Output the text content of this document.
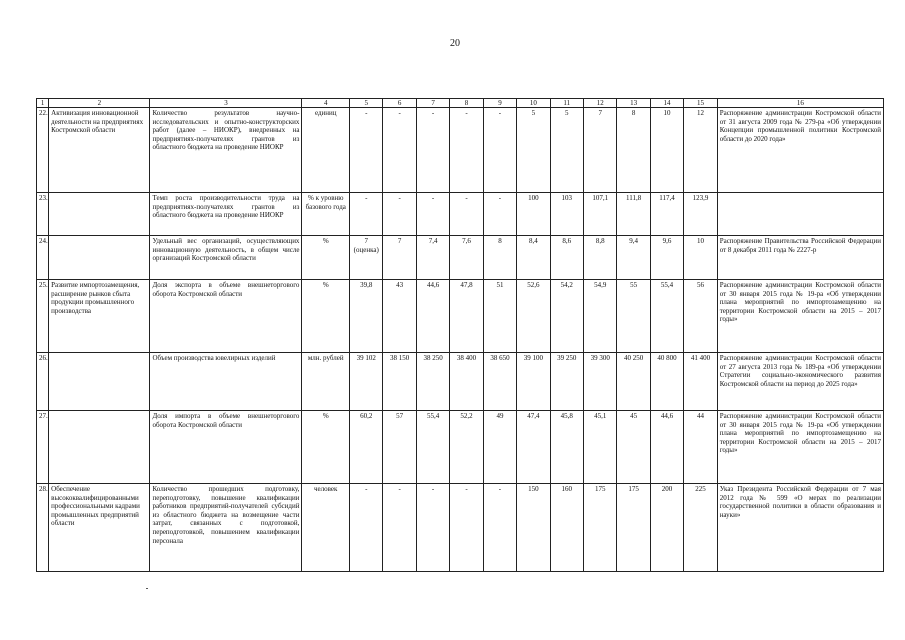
20
1	2	3	4	5	6	7	8	9	10	11	12	13	14	15	16
22.	Активизация инновационной деятельности на предприятиях Костромской области	Количество результатов научно-исследовательских и опытно-конструкторских работ (далее – НИОКР), внедренных на предприятиях-получателях грантов из областного бюджета на проведение НИОКР	единиц	-	-	-	-	-	5	5	7	8	10	12	Распоряжение администрации Костромской области от 31 августа 2009 года № 279-ра «Об утверждении Концепции промышленной политики Костромской области до 2020 года»
23.		Темп роста производительности труда на предприятиях-получателях грантов из областного бюджета на проведение НИОКР	% к уровню базового года	-	-	-	-	-	100	103	107,1	111,8	117,4	123,9	
24.		Удельный вес организаций, осуществляющих инновационную деятельность, в общем числе организаций Костромской области	%	7 (оценка)	7	7,4	7,6	8	8,4	8,6	8,8	9,4	9,6	10	Распоряжение Правительства Российской Федерации от 8 декабря 2011 года № 2227-р
25.	Развитие импортозамещения, расширение рынков сбыта продукции промышленного производства	Доля экспорта в объеме внешнеторгового оборота Костромской области	%	39,8	43	44,6	47,8	51	52,6	54,2	54,9	55	55,4	56	Распоряжение администрации Костромской области от 30 января 2015 года № 19-ра «Об утверждении плана мероприятий по импортозамещению на территории Костромской области на 2015 – 2017 годы»
26.		Объем производства ювелирных изделий	млн. рублей	39 102	38 150	38 250	38 400	38 650	39 100	39 250	39 300	40 250	40 800	41 400	Распоряжение администрации Костромской области от 27 августа 2013 года № 189-ра «Об утверждении Стратегии социально-экономического развития Костромской области на период до 2025 года»
27.		Доля импорта в объеме внешнеторгового оборота Костромской области	%	60,2	57	55,4	52,2	49	47,4	45,8	45,1	45	44,6	44	Распоряжение администрации Костромской области от 30 января 2015 года № 19-ра «Об утверждении плана мероприятий по импортозамещению на территории Костромской области на 2015 – 2017 годы»
28.	Обеспечение высококвалифицированными профессиональными кадрами промышленных предприятий области	Количество прошедших подготовку, переподготовку, повышение квалификации работников предприятий-получателей субсидий из областного бюджета на возмещение части затрат, связанных с подготовкой, переподготовкой, повышением квалификации персонала	человек	-	-	-	-	-	150	160	175	175	200	225	Указ Президента Российской Федерации от 7 мая 2012 года № 599 «О мерах по реализации государственной политики в области образования и науки»
